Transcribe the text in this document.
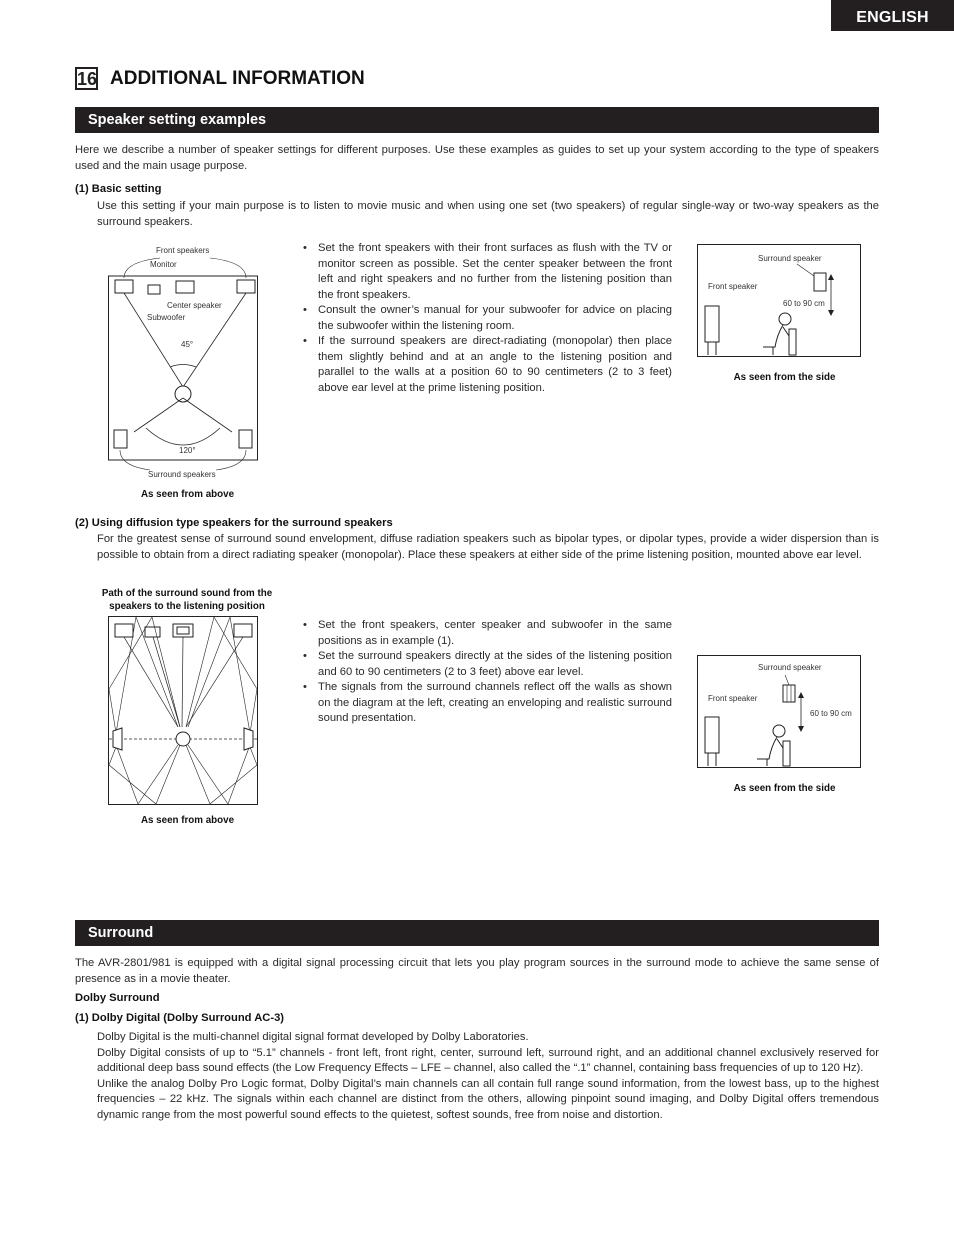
ENGLISH
16 ADDITIONAL INFORMATION
Speaker setting examples
Here we describe a number of speaker settings for different purposes. Use these examples as guides to set up your system according to the type of speakers used and the main usage purpose.
(1) Basic setting
Use this setting if your main purpose is to listen to movie music and when using one set (two speakers) of regular single-way or two-way speakers as the surround speakers.
Front speakers
Monitor
Center speaker
Subwoofer
45°
120°
Surround speakers
As seen from above
• Set the front speakers with their front surfaces as flush with the TV or monitor screen as possible. Set the center speaker between the front left and right speakers and no further from the listening position than the front speakers.
• Consult the owner’s manual for your subwoofer for advice on placing the subwoofer within the listening room.
• If the surround speakers are direct-radiating (monopolar) then place them slightly behind and at an angle to the listening position and parallel to the walls at a position 60 to 90 centimeters (2 to 3 feet) above ear level at the prime listening position.
Surround speaker
Front speaker
60 to 90 cm
As seen from the side
(2) Using diffusion type speakers for the surround speakers
For the greatest sense of surround sound envelopment, diffuse radiation speakers such as bipolar types, or dipolar types, provide a wider dispersion than is possible to obtain from a direct radiating speaker (monopolar). Place these speakers at either side of the prime listening position, mounted above ear level.
Path of the surround sound from the
speakers to the listening position
As seen from above
• Set the front speakers, center speaker and subwoofer in the same positions as in example (1).
• Set the surround speakers directly at the sides of the listening position and 60 to 90 centimeters (2 to 3 feet) above ear level.
• The signals from the surround channels reflect off the walls as shown on the diagram at the left, creating an enveloping and realistic surround sound presentation.
Surround speaker
Front speaker
60 to 90 cm
As seen from the side
Surround
The AVR-2801/981 is equipped with a digital signal processing circuit that lets you play program sources in the surround mode to achieve the same sense of presence as in a movie theater.
Dolby Surround
(1) Dolby Digital (Dolby Surround AC-3)
Dolby Digital is the multi-channel digital signal format developed by Dolby Laboratories.
Dolby Digital consists of up to “5.1” channels - front left, front right, center, surround left, surround right, and an additional channel exclusively reserved for additional deep bass sound effects (the Low Frequency Effects – LFE – channel, also called the “.1” channel, containing bass frequencies of up to 120 Hz).
Unlike the analog Dolby Pro Logic format, Dolby Digital’s main channels can all contain full range sound information, from the lowest bass, up to the highest frequencies – 22 kHz. The signals within each channel are distinct from the others, allowing pinpoint sound imaging, and Dolby Digital offers tremendous dynamic range from the most powerful sound effects to the quietest, softest sounds, free from noise and distortion.
